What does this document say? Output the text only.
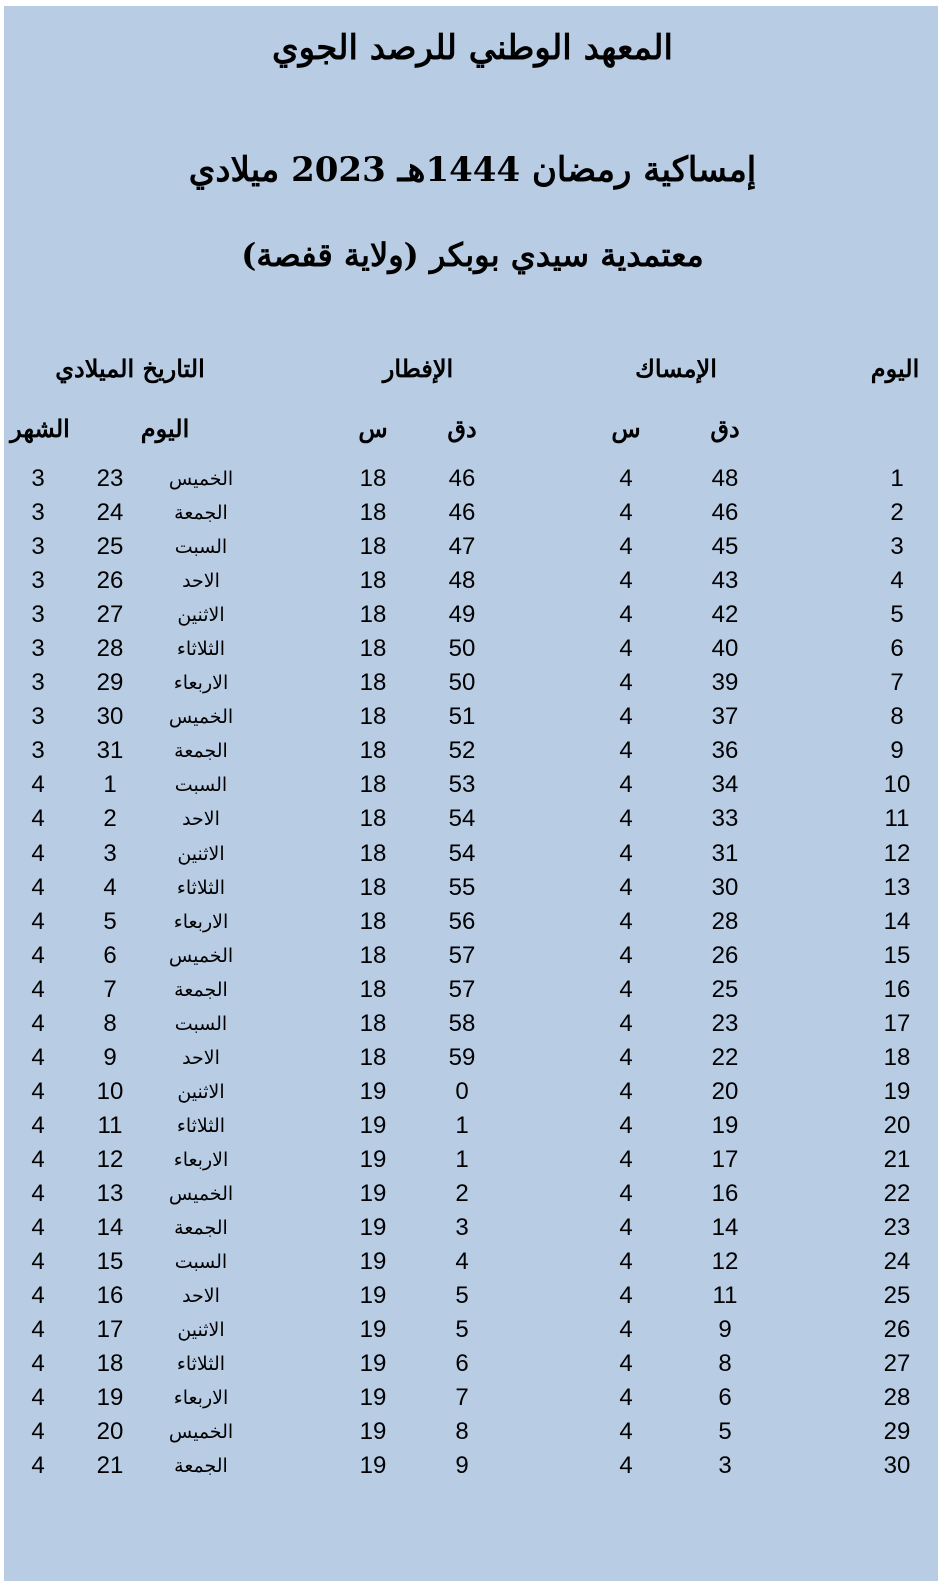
المعهد الوطني للرصد الجوي
إمساكية رمضان 1444هـ 2023 ميلادي
معتمدية سيدي بوبكر (ولاية قفصة)
اليوم
الإمساك
الإفطار
التاريخ الميلادي
دق
س
دق
س
اليوم
الشهر
1
48
4
46
18
الخميس
23
3
2
46
4
46
18
الجمعة
24
3
3
45
4
47
18
السبت
25
3
4
43
4
48
18
الاحد
26
3
5
42
4
49
18
الاثنين
27
3
6
40
4
50
18
الثلاثاء
28
3
7
39
4
50
18
الاربعاء
29
3
8
37
4
51
18
الخميس
30
3
9
36
4
52
18
الجمعة
31
3
10
34
4
53
18
السبت
1
4
11
33
4
54
18
الاحد
2
4
12
31
4
54
18
الاثنين
3
4
13
30
4
55
18
الثلاثاء
4
4
14
28
4
56
18
الاربعاء
5
4
15
26
4
57
18
الخميس
6
4
16
25
4
57
18
الجمعة
7
4
17
23
4
58
18
السبت
8
4
18
22
4
59
18
الاحد
9
4
19
20
4
0
19
الاثنين
10
4
20
19
4
1
19
الثلاثاء
11
4
21
17
4
1
19
الاربعاء
12
4
22
16
4
2
19
الخميس
13
4
23
14
4
3
19
الجمعة
14
4
24
12
4
4
19
السبت
15
4
25
11
4
5
19
الاحد
16
4
26
9
4
5
19
الاثنين
17
4
27
8
4
6
19
الثلاثاء
18
4
28
6
4
7
19
الاربعاء
19
4
29
5
4
8
19
الخميس
20
4
30
3
4
9
19
الجمعة
21
4
